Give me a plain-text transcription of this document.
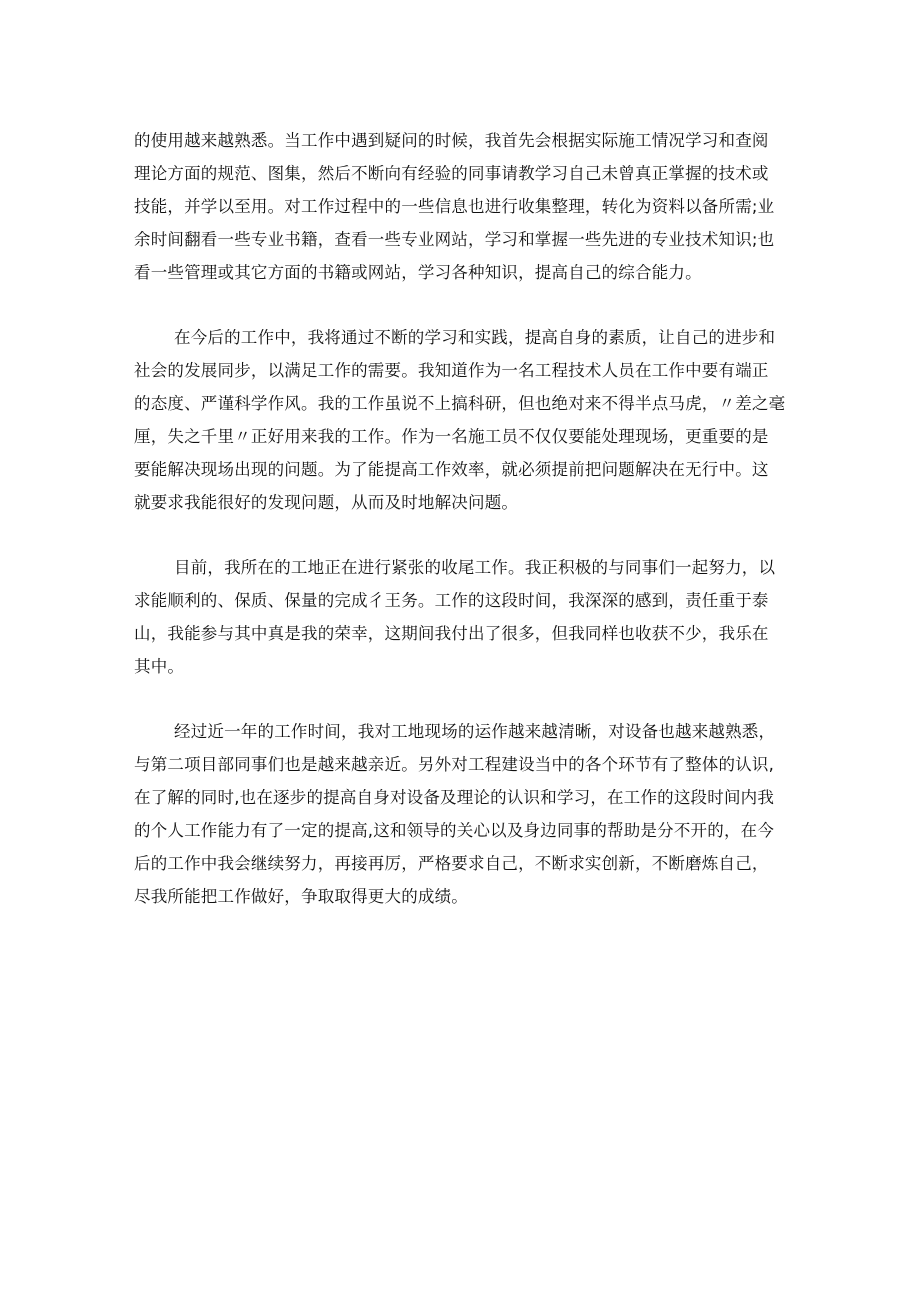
的使用越来越熟悉。当工作中遇到疑问的时候，我首先会根据实际施工情况学习和查阅
理论方面的规范、图集，然后不断向有经验的同事请教学习自己未曾真正掌握的技术或
技能，并学以至用。对工作过程中的一些信息也进行收集整理，转化为资料以备所需;业
余时间翻看一些专业书籍，查看一些专业网站，学习和掌握一些先进的专业技术知识;也
看一些管理或其它方面的书籍或网站，学习各种知识，提高自己的综合能力。

在今后的工作中，我将通过不断的学习和实践，提高自身的素质，让自己的进步和
社会的发展同步，以满足工作的需要。我知道作为一名工程技术人员在工作中要有端正
的态度、严谨科学作风。我的工作虽说不上搞科研，但也绝对来不得半点马虎，〃差之毫
厘，失之千里〃正好用来我的工作。作为一名施工员不仅仅要能处理现场，更重要的是
要能解决现场出现的问题。为了能提高工作效率，就必须提前把问题解决在无行中。这
就要求我能很好的发现问题，从而及时地解决问题。

目前，我所在的工地正在进行紧张的收尾工作。我正积极的与同事们一起努力，以
求能顺利的、保质、保量的完成彳王务。工作的这段时间，我深深的感到，责任重于泰
山，我能参与其中真是我的荣幸，这期间我付出了很多，但我同样也收获不少，我乐在
其中。

经过近一年的工作时间，我对工地现场的运作越来越清晰，对设备也越来越熟悉，
与第二项目部同事们也是越来越亲近。另外对工程建设当中的各个环节有了整体的认识,
在了解的同时,也在逐步的提高自身对设备及理论的认识和学习，在工作的这段时间内我
的个人工作能力有了一定的提高,这和领导的关心以及身边同事的帮助是分不开的，在今
后的工作中我会继续努力，再接再厉，严格要求自己，不断求实创新，不断磨炼自己，
尽我所能把工作做好，争取取得更大的成绩。
